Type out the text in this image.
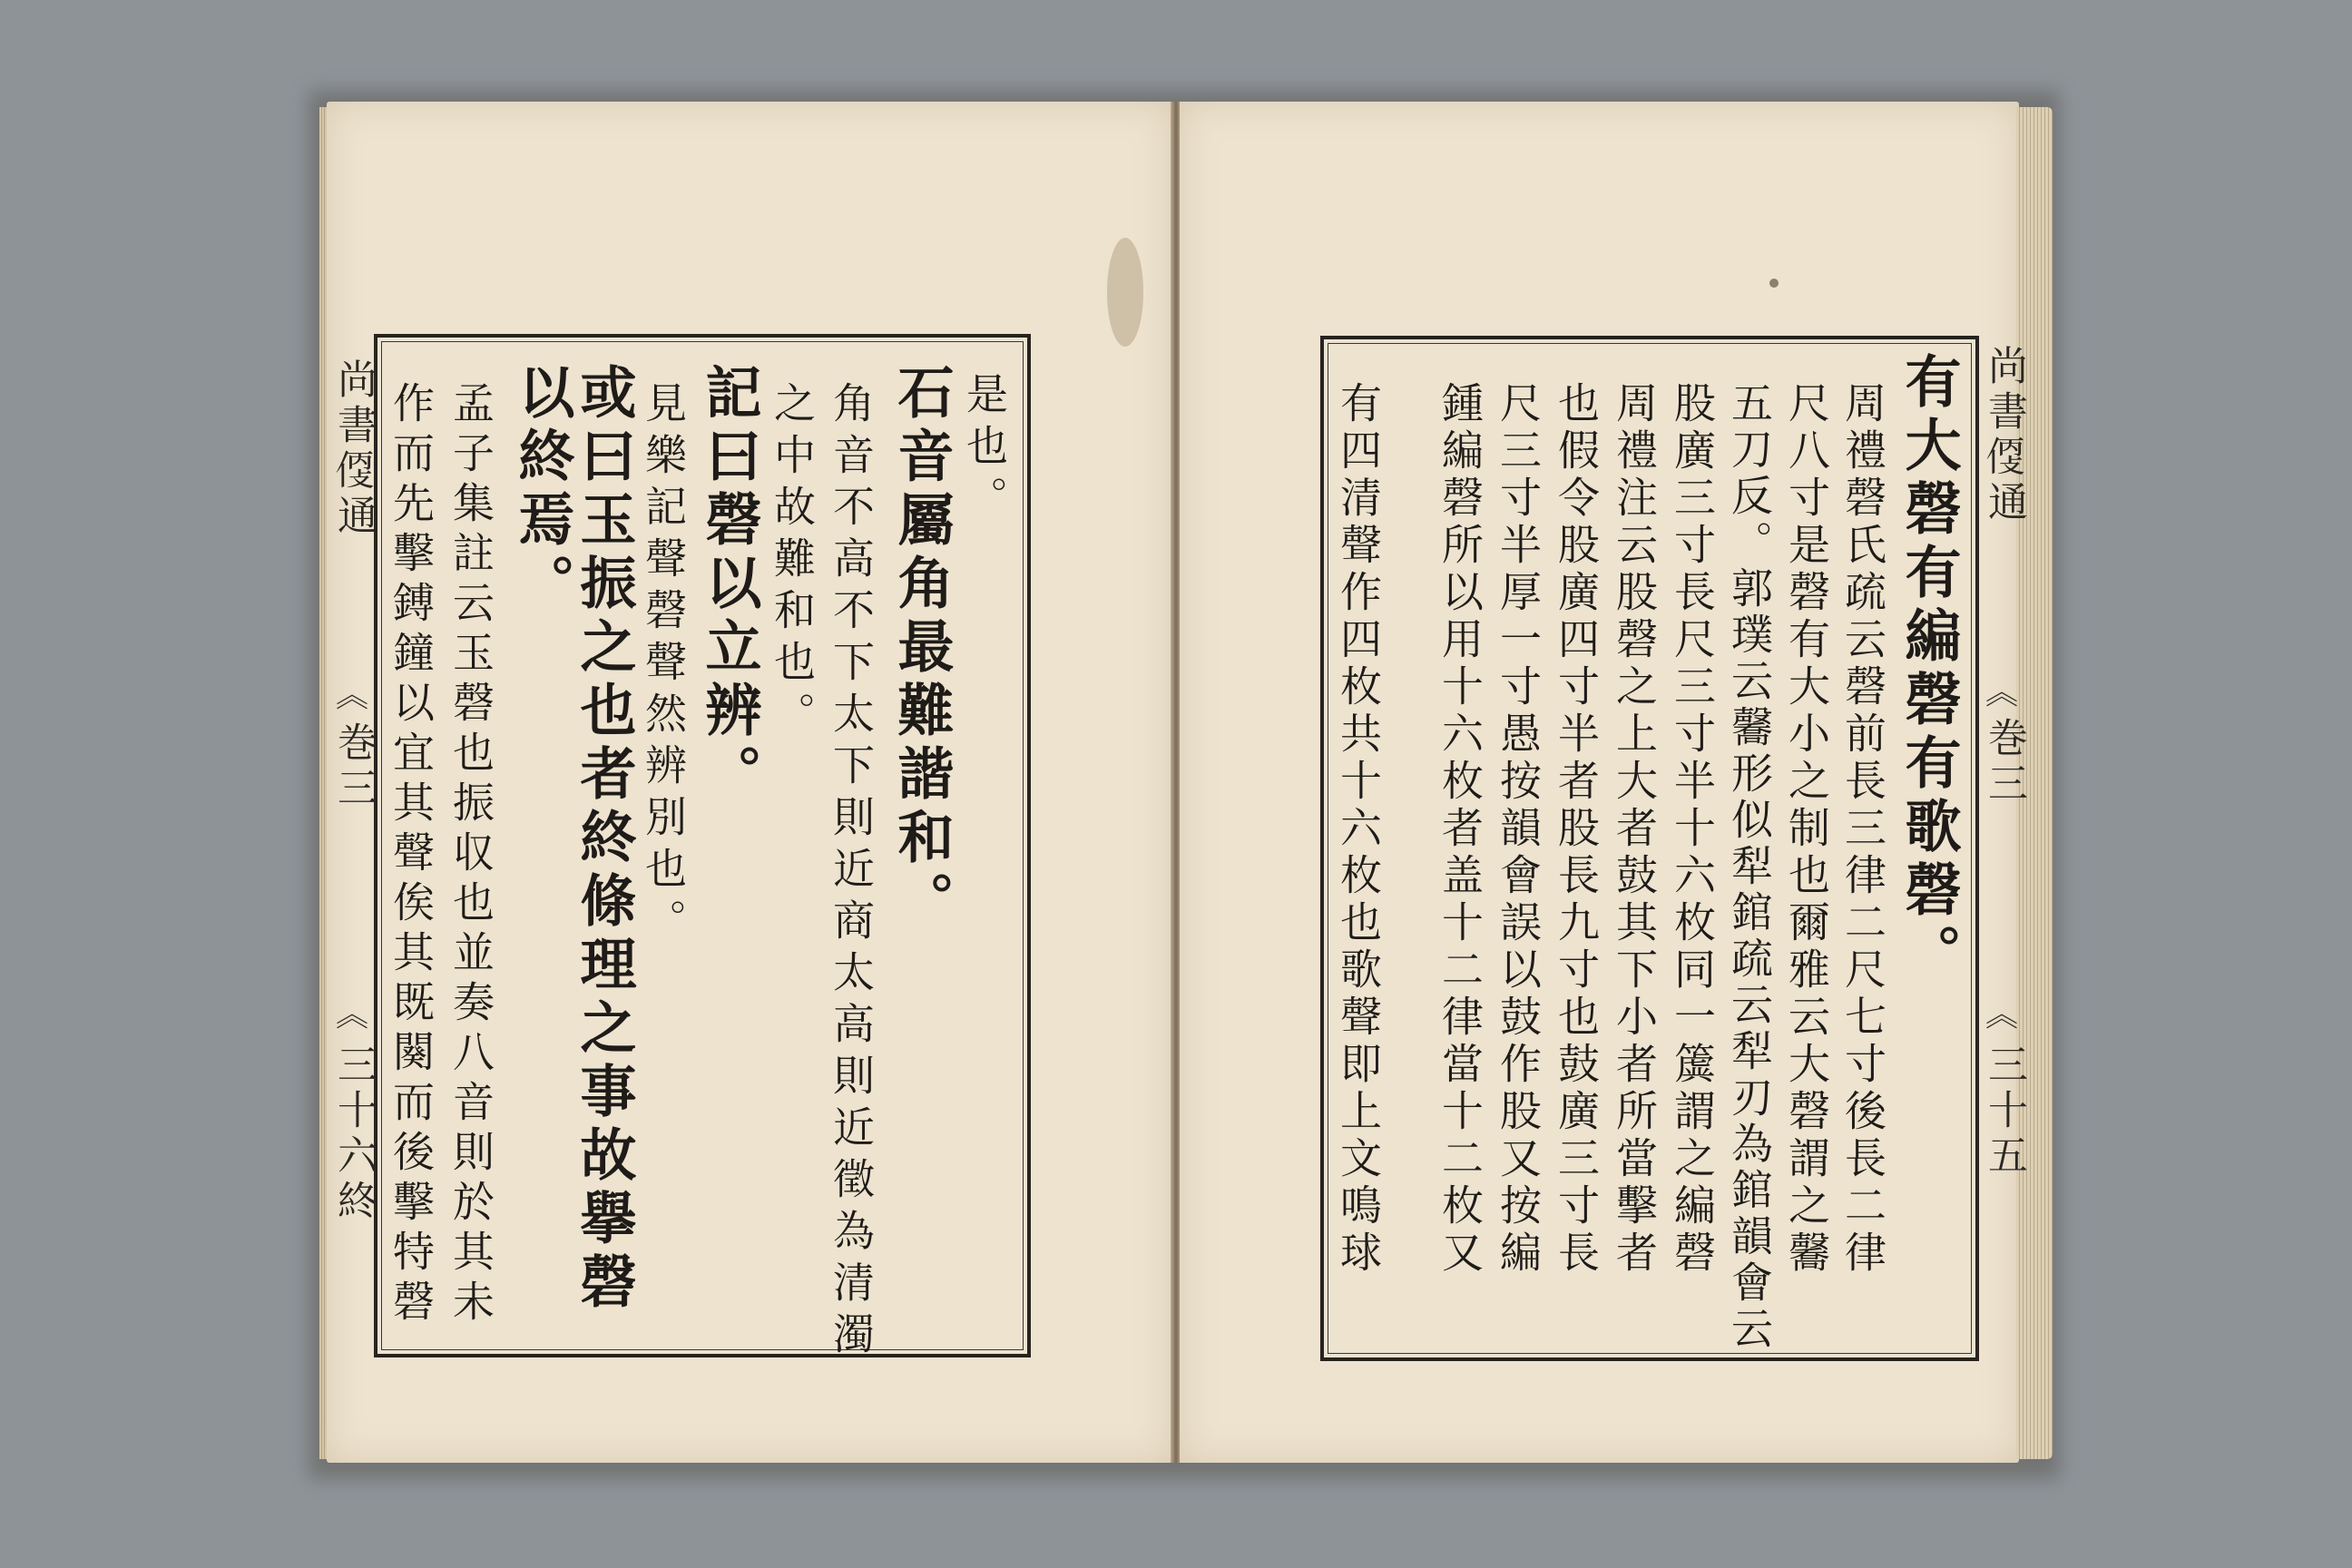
尚書𠊳通
︽
巻三
︽
三十六終
是也。
石音屬角最難諧和。
角音不高不下太下則近商太高則近徵為清濁
之中故難和也。
記曰磬以立辨。
見樂記聲磬聲然辨別也。
或曰玉振之也者終條理之事故擧磬
以終焉。
孟子集註云玉磬也振収也並奏八音則於其未
作而先擊鎛鐘以宜其聲俟其既闋而後擊特磬	尚書𠊳通
︽
巻三
︽
三十五
有大磬有編磬有歌磬。
周禮磬氏疏云磬前長三律二尺七寸後長二律
尺八寸是磬有大小之制也爾雅云大磬謂之毊
五刀反。郭璞云毊形似犁錧疏云犁刃為錧韻會云
股廣三寸長尺三寸半十六枚同一簴謂之編磬
周禮注云股磬之上大者鼓其下小者所當擊者
也假令股廣四寸半者股長九寸也鼓廣三寸長
尺三寸半厚一寸愚按韻會誤以鼓作股又按編
鍾編磬所以用十六枚者盖十二律當十二枚又
有四清聲作四枚共十六枚也歌聲即上文鳴球
